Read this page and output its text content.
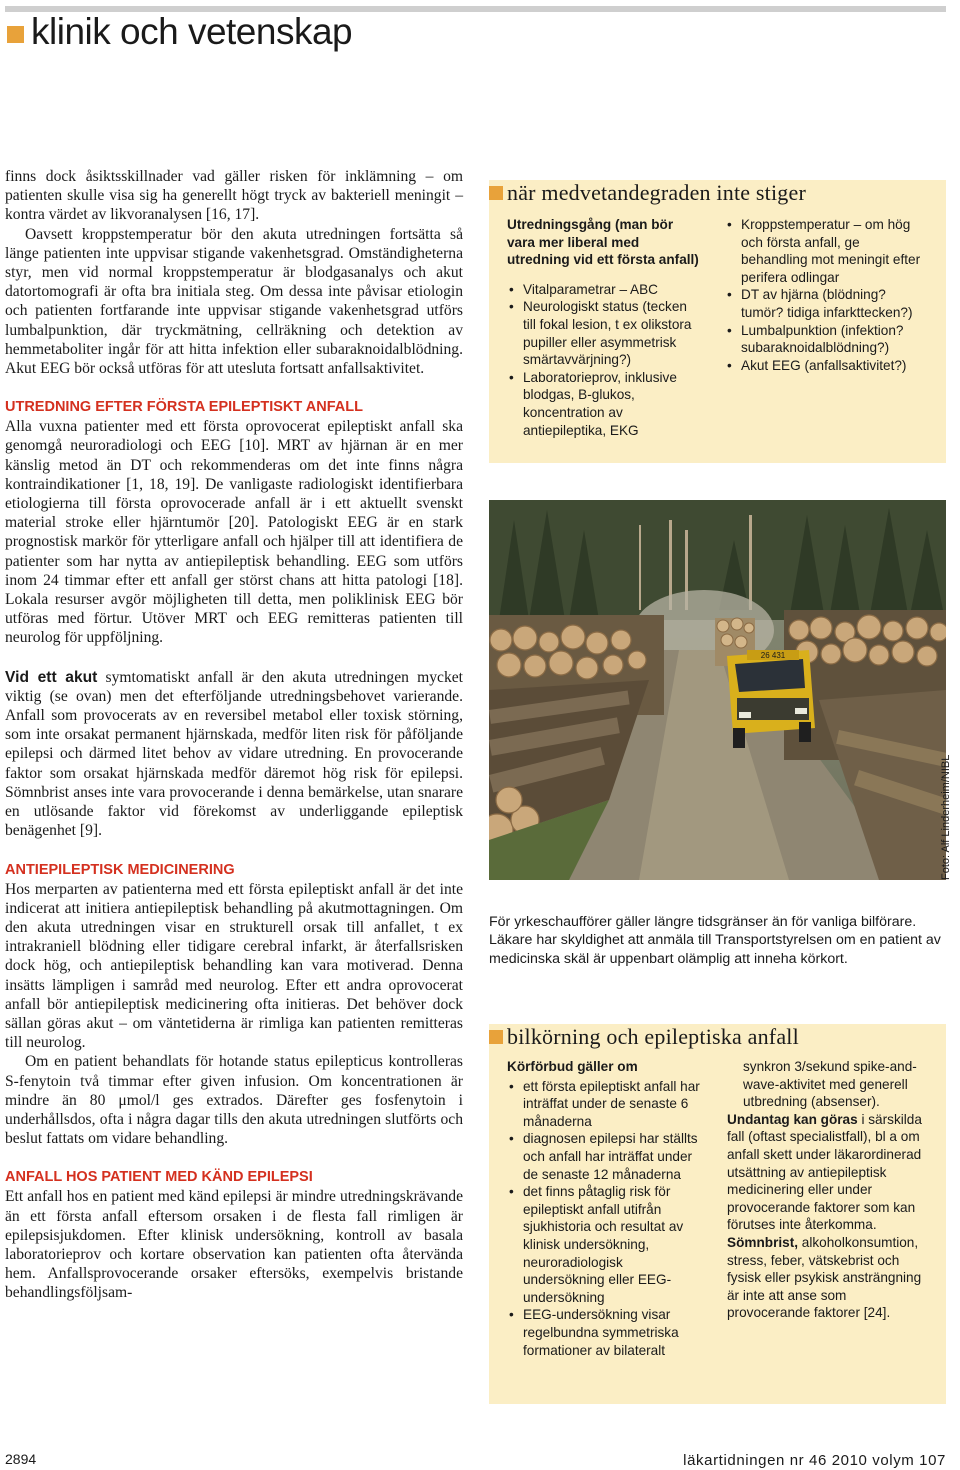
klinik och vetenskap

finns dock åsiktsskillnader vad gäller risken för inklämning – om patienten skulle visa sig ha generellt högt tryck av bakteriell meningit – kontra värdet av likvoranalysen [16, 17].

Oavsett kroppstemperatur bör den akuta utredningen fortsätta så länge patienten inte uppvisar stigande vakenhetsgrad. Omständigheterna styr, men vid normal kroppstemperatur är blodgasanalys och akut datortomografi är ofta bra initiala steg. Om dessa inte påvisar etiologin och patienten fortfarande inte uppvisar stigande vakenhetsgrad utförs lumbalpunktion, där tryckmätning, cellräkning och detektion av hemmetaboliter ingår för att hitta infektion eller subaraknoidalblödning. Akut EEG bör också utföras för att utesluta fortsatt anfallsaktivitet.

UTREDNING EFTER FÖRSTA EPILEPTISKT ANFALL

Alla vuxna patienter med ett första oprovocerat epileptiskt anfall ska genomgå neuroradiologi och EEG [10]. MRT av hjärnan är en mer känslig metod än DT och rekommenderas om det inte finns några kontraindikationer [1, 18, 19]. De vanligaste radiologiskt identifierbara etiologierna till första oprovocerade anfall är i ett aktuellt svenskt material stroke eller hjärntumör [20]. Patologiskt EEG är en stark prognostisk markör för ytterligare anfall och hjälper till att identifiera de patienter som har nytta av antiepileptisk behandling. EEG som utförs inom 24 timmar efter ett anfall ger störst chans att hitta patologi [18]. Lokala resurser avgör möjligheten till detta, men poliklinisk EEG bör utföras med förtur. Utöver MRT och EEG remitteras patienten till neurolog för uppföljning.

Vid ett akut symtomatiskt anfall är den akuta utredningen mycket viktig (se ovan) men det efterföljande utredningsbehovet varierande. Anfall som provocerats av en reversibel metabol eller toxisk störning, som inte orsakat permanent hjärnskada, medför liten risk för påföljande epilepsi och därmed litet behov av vidare utredning. En provocerande faktor som orsakat hjärnskada medför däremot hög risk för epilepsi. Sömnbrist anses inte vara provocerande i denna bemärkelse, utan snarare en utlösande faktor vid förekomst av underliggande epileptisk benägenhet [9].

ANTIEPILEPTISK MEDICINERING

Hos merparten av patienterna med ett första epileptiskt anfall är det inte indicerat att initiera antiepileptisk behandling på akutmottagningen. Om den akuta utredningen visar en strukturell orsak till anfallet, t ex intrakraniell blödning eller tidigare cerebral infarkt, är återfallsrisken dock hög, och antiepileptisk behandling kan vara motiverad. Denna insätts lämpligen i samråd med neurolog. Efter ett andra oprovocerat anfall bör antiepileptisk medicinering ofta initieras. Det behöver dock sällan göras akut – om väntetiderna är rimliga kan patienten remitteras till neurolog.

Om en patient behandlats för hotande status epilepticus kontrolleras S-fenytoin två timmar efter given infusion. Om koncentrationen är mindre än 80 μmol/l ges extrados. Därefter ges fosfenytoin i underhållsdos, ofta i några dagar tills den akuta utredningen slutförts och beslut fattats om vidare behandling.

ANFALL HOS PATIENT MED KÄND EPILEPSI

Ett anfall hos en patient med känd epilepsi är mindre utredningskrävande än ett första anfall eftersom orsaken i de flesta fall rimligen är epilepsisjukdomen. Efter klinisk undersökning, kontroll av basala laboratorieprov och kortare observation kan patienten ofta återvända hem. Anfallsprovocerande orsaker eftersöks, exempelvis bristande behandlingsföljsam-

när medvetandegraden inte stiger
Utredningsgång (man bör vara mer liberal med utredning vid ett första anfall)
• Vitalparametrar – ABC
• Neurologiskt status (tecken till fokal lesion, t ex olikstora pupiller eller asymmetrisk smärtavvärjning?)
• Laboratorieprov, inklusive blodgas, B-glukos, koncentration av antiepileptika, EKG
• Kroppstemperatur – om hög och första anfall, ge behandling mot meningit efter perifera odlingar
• DT av hjärna (blödning? tumör? tidiga infarkttecken?)
• Lumbalpunktion (infektion? subaraknoidalblödning?)
• Akut EEG (anfallsaktivitet?)
26 431
Foto: Alf Linderheim/NIBL
För yrkeschaufförer gäller längre tidsgränser än för vanliga bilförare. Läkare har skyldighet att anmäla till Transportstyrelsen om en patient av medicinska skäl är uppenbart olämplig att inneha körkort.
bilkörning och epileptiska anfall
Körförbud gäller om
• ett första epileptiskt anfall har inträffat under de senaste 6 månaderna
• diagnosen epilepsi har ställts och anfall har inträffat under de senaste 12 månaderna
• det finns påtaglig risk för epileptiskt anfall utifrån sjukhistoria och resultat av klinisk undersökning, neuroradiologisk undersökning eller EEG-undersökning
• EEG-undersökning visar regelbundna symmetriska formationer av bilateralt

synkron 3/sekund spike-and-wave-aktivitet med generell utbredning (absenser).

Undantag kan göras i särskilda fall (oftast specialistfall), bl a om anfall skett under läkarordinerad utsättning av antiepileptisk medicinering eller under provocerande faktorer som kan förutses inte återkomma.

Sömnbrist, alkoholkonsumtion, stress, feber, vätskebrist och fysisk eller psykisk ansträngning är inte att anse som provocerande faktorer [24].

2894	läkartidningen nr 46 2010 volym 107
